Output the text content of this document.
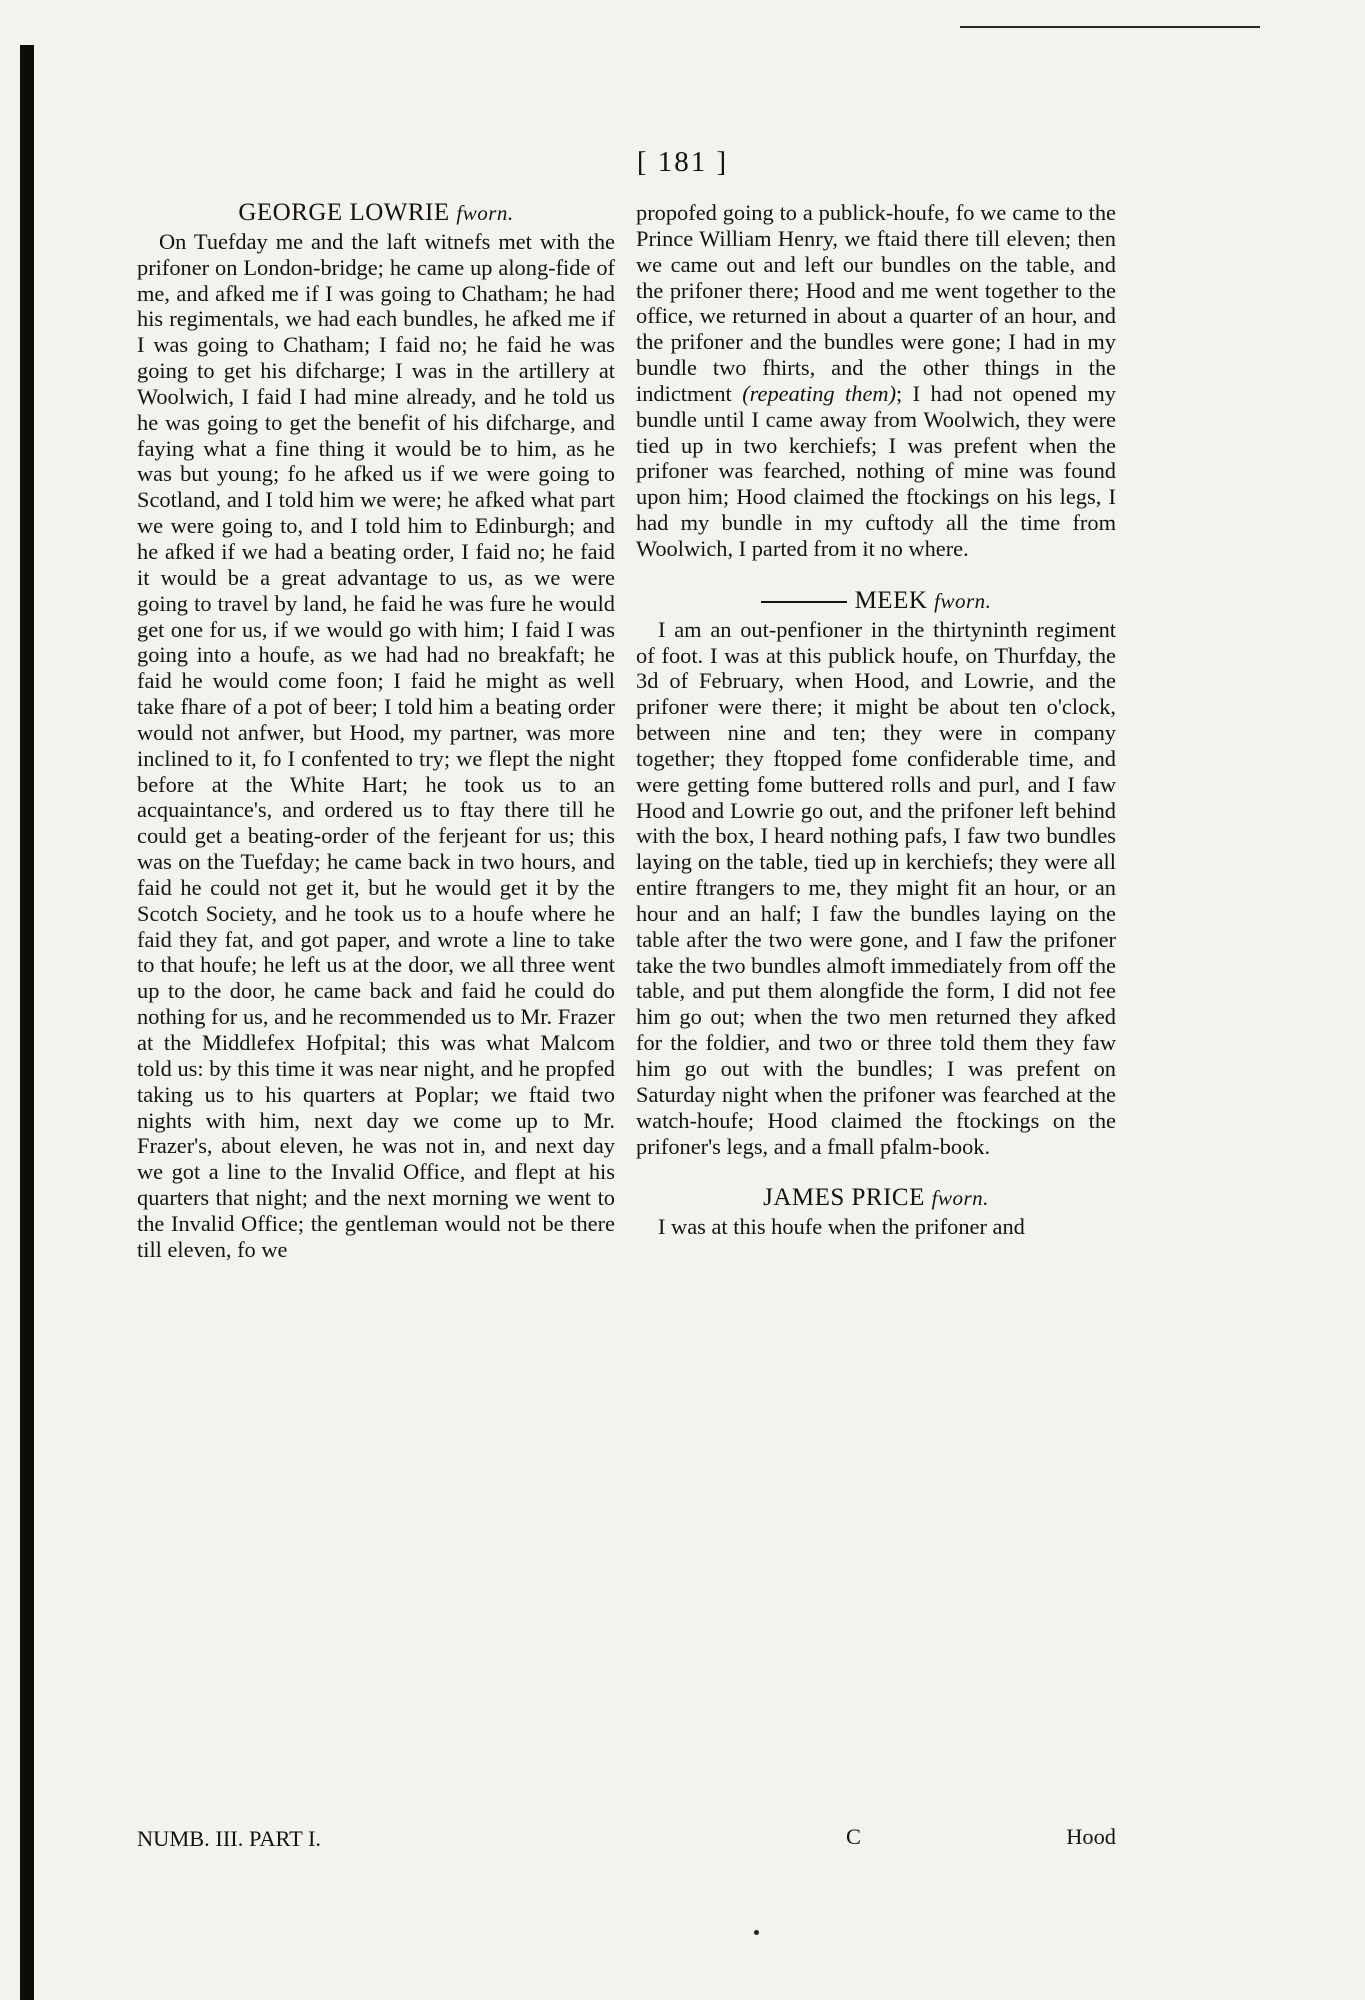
[ 181 ]
GEORGE LOWRIE fworn.

On Tuefday me and the laft witnefs met with the prifoner on London-bridge; he came up along-fide of me, and afked me if I was going to Chatham; he had his regimentals, we had each bundles, he afked me if I was going to Chatham; I faid no; he faid he was going to get his difcharge; I was in the artillery at Woolwich, I faid I had mine already, and he told us he was going to get the benefit of his difcharge, and faying what a fine thing it would be to him, as he was but young; fo he afked us if we were going to Scotland, and I told him we were; he afked what part we were going to, and I told him to Edinburgh; and he afked if we had a beating order, I faid no; he faid it would be a great advantage to us, as we were going to travel by land, he faid he was fure he would get one for us, if we would go with him; I faid I was going into a houfe, as we had had no breakfaft; he faid he would come foon; I faid he might as well take fhare of a pot of beer; I told him a beating order would not anfwer, but Hood, my partner, was more inclined to it, fo I confented to try; we flept the night before at the White Hart; he took us to an acquaintance's, and ordered us to ftay there till he could get a beating-order of the ferjeant for us; this was on the Tuefday; he came back in two hours, and faid he could not get it, but he would get it by the Scotch Society, and he took us to a houfe where he faid they fat, and got paper, and wrote a line to take to that houfe; he left us at the door, we all three went up to the door, he came back and faid he could do nothing for us, and he recommended us to Mr. Frazer at the Middlefex Hofpital; this was what Malcom told us: by this time it was near night, and he propfed taking us to his quarters at Poplar; we ftaid two nights with him, next day we come up to Mr. Frazer's, about eleven, he was not in, and next day we got a line to the Invalid Office, and flept at his quarters that night; and the next morning we went to the Invalid Office; the gentleman would not be there till eleven, fo we

propofed going to a publick-houfe, fo we came to the Prince William Henry, we ftaid there till eleven; then we came out and left our bundles on the table, and the prifoner there; Hood and me went together to the office, we returned in about a quarter of an hour, and the prifoner and the bundles were gone; I had in my bundle two fhirts, and the other things in the indictment (repeating them); I had not opened my bundle until I came away from Woolwich, they were tied up in two kerchiefs; I was prefent when the prifoner was fearched, nothing of mine was found upon him; Hood claimed the ftockings on his legs, I had my bundle in my cuftody all the time from Woolwich, I parted from it no where.

MEEK fworn.

I am an out-penfioner in the thirtyninth regiment of foot. I was at this publick houfe, on Thurfday, the 3d of February, when Hood, and Lowrie, and the prifoner were there; it might be about ten o'clock, between nine and ten; they were in company together; they ftopped fome confiderable time, and were getting fome buttered rolls and purl, and I faw Hood and Lowrie go out, and the prifoner left behind with the box, I heard nothing pafs, I faw two bundles laying on the table, tied up in kerchiefs; they were all entire ftrangers to me, they might fit an hour, or an hour and an half; I faw the bundles laying on the table after the two were gone, and I faw the prifoner take the two bundles almoft immediately from off the table, and put them alongfide the form, I did not fee him go out; when the two men returned they afked for the foldier, and two or three told them they faw him go out with the bundles; I was prefent on Saturday night when the prifoner was fearched at the watch-houfe; Hood claimed the ftockings on the prifoner's legs, and a fmall pfalm-book.

JAMES PRICE fworn.

I was at this houfe when the prifoner and

NUMB. III. PART I.	C	Hood
